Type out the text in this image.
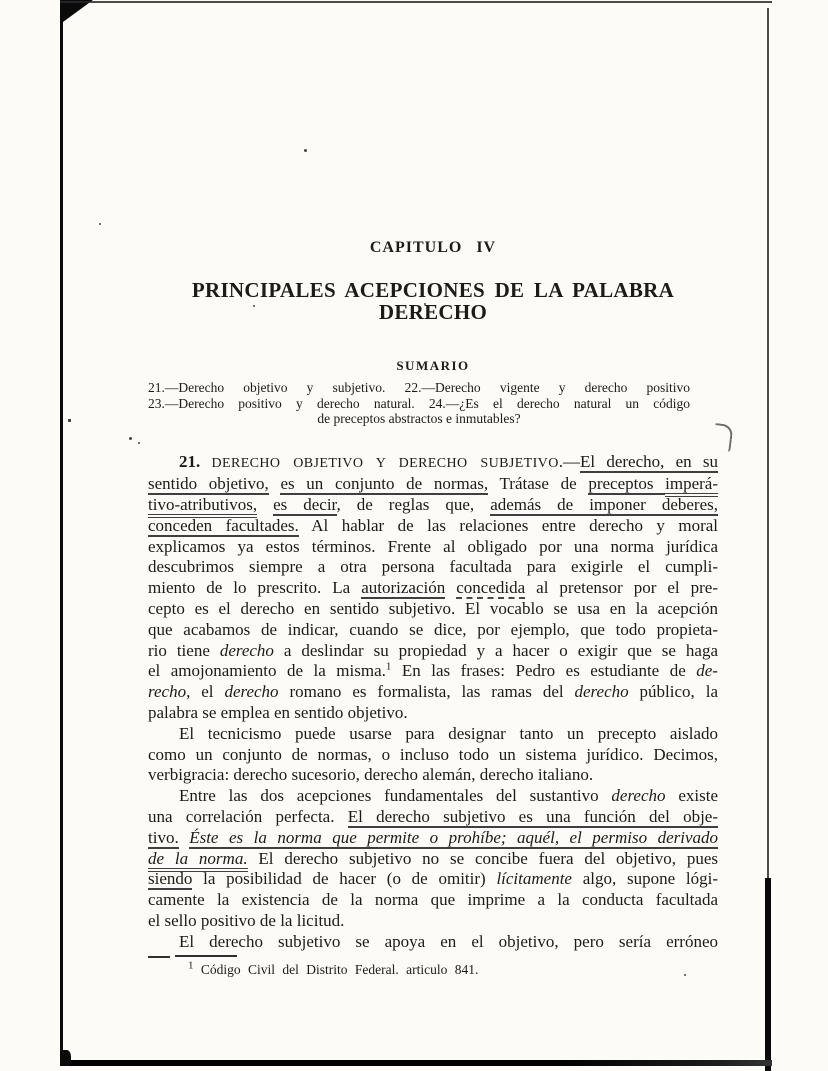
CAPITULO IV
PRINCIPALES ACEPCIONES DE LA PALABRA DERECHO
SUMARIO
21.—Derecho objetivo y subjetivo. 22.—Derecho vigente y derecho positivo
23.—Derecho positivo y derecho natural. 24.—¿Es el derecho natural un código
de preceptos abstractos e inmutables?
21. DERECHO OBJETIVO Y DERECHO SUBJETIVO.—El derecho, en su
sentido objetivo, es un conjunto de normas, Trátase de preceptos imperá-
tivo-atributivos, es decir, de reglas que, además de imponer deberes,
conceden facultades. Al hablar de las relaciones entre derecho y moral
explicamos ya estos términos. Frente al obligado por una norma jurídica
descubrimos siempre a otra persona facultada para exigirle el cumpli-
miento de lo prescrito. La autorización concedida al pretensor por el pre-
cepto es el derecho en sentido subjetivo. El vocablo se usa en la acepción
que acabamos de indicar, cuando se dice, por ejemplo, que todo propieta-
rio tiene derecho a deslindar su propiedad y a hacer o exigir que se haga
el amojonamiento de la misma.$^1$ En las frases: Pedro es estudiante de de-
recho, el derecho romano es formalista, las ramas del derecho público, la
palabra se emplea en sentido objetivo.
El tecnicismo puede usarse para designar tanto un precepto aislado
como un conjunto de normas, o incluso todo un sistema jurídico. Decimos,
verbigracia: derecho sucesorio, derecho alemán, derecho italiano.
Entre las dos acepciones fundamentales del sustantivo derecho existe
una correlación perfecta. El derecho subjetivo es una función del obje-
tivo. Éste es la norma que permite o prohíbe; aquél, el permiso derivado
de la norma. El derecho subjetivo no se concibe fuera del objetivo, pues
siendo la posibilidad de hacer (o de omitir) lícitamente algo, supone lógi-
camente la existencia de la norma que imprime a la conducta facultada
el sello positivo de la licitud.
El derecho subjetivo se apoya en el objetivo, pero sería erróneo
$^1$ Código Civil del Distrito Federal. articulo 841.
